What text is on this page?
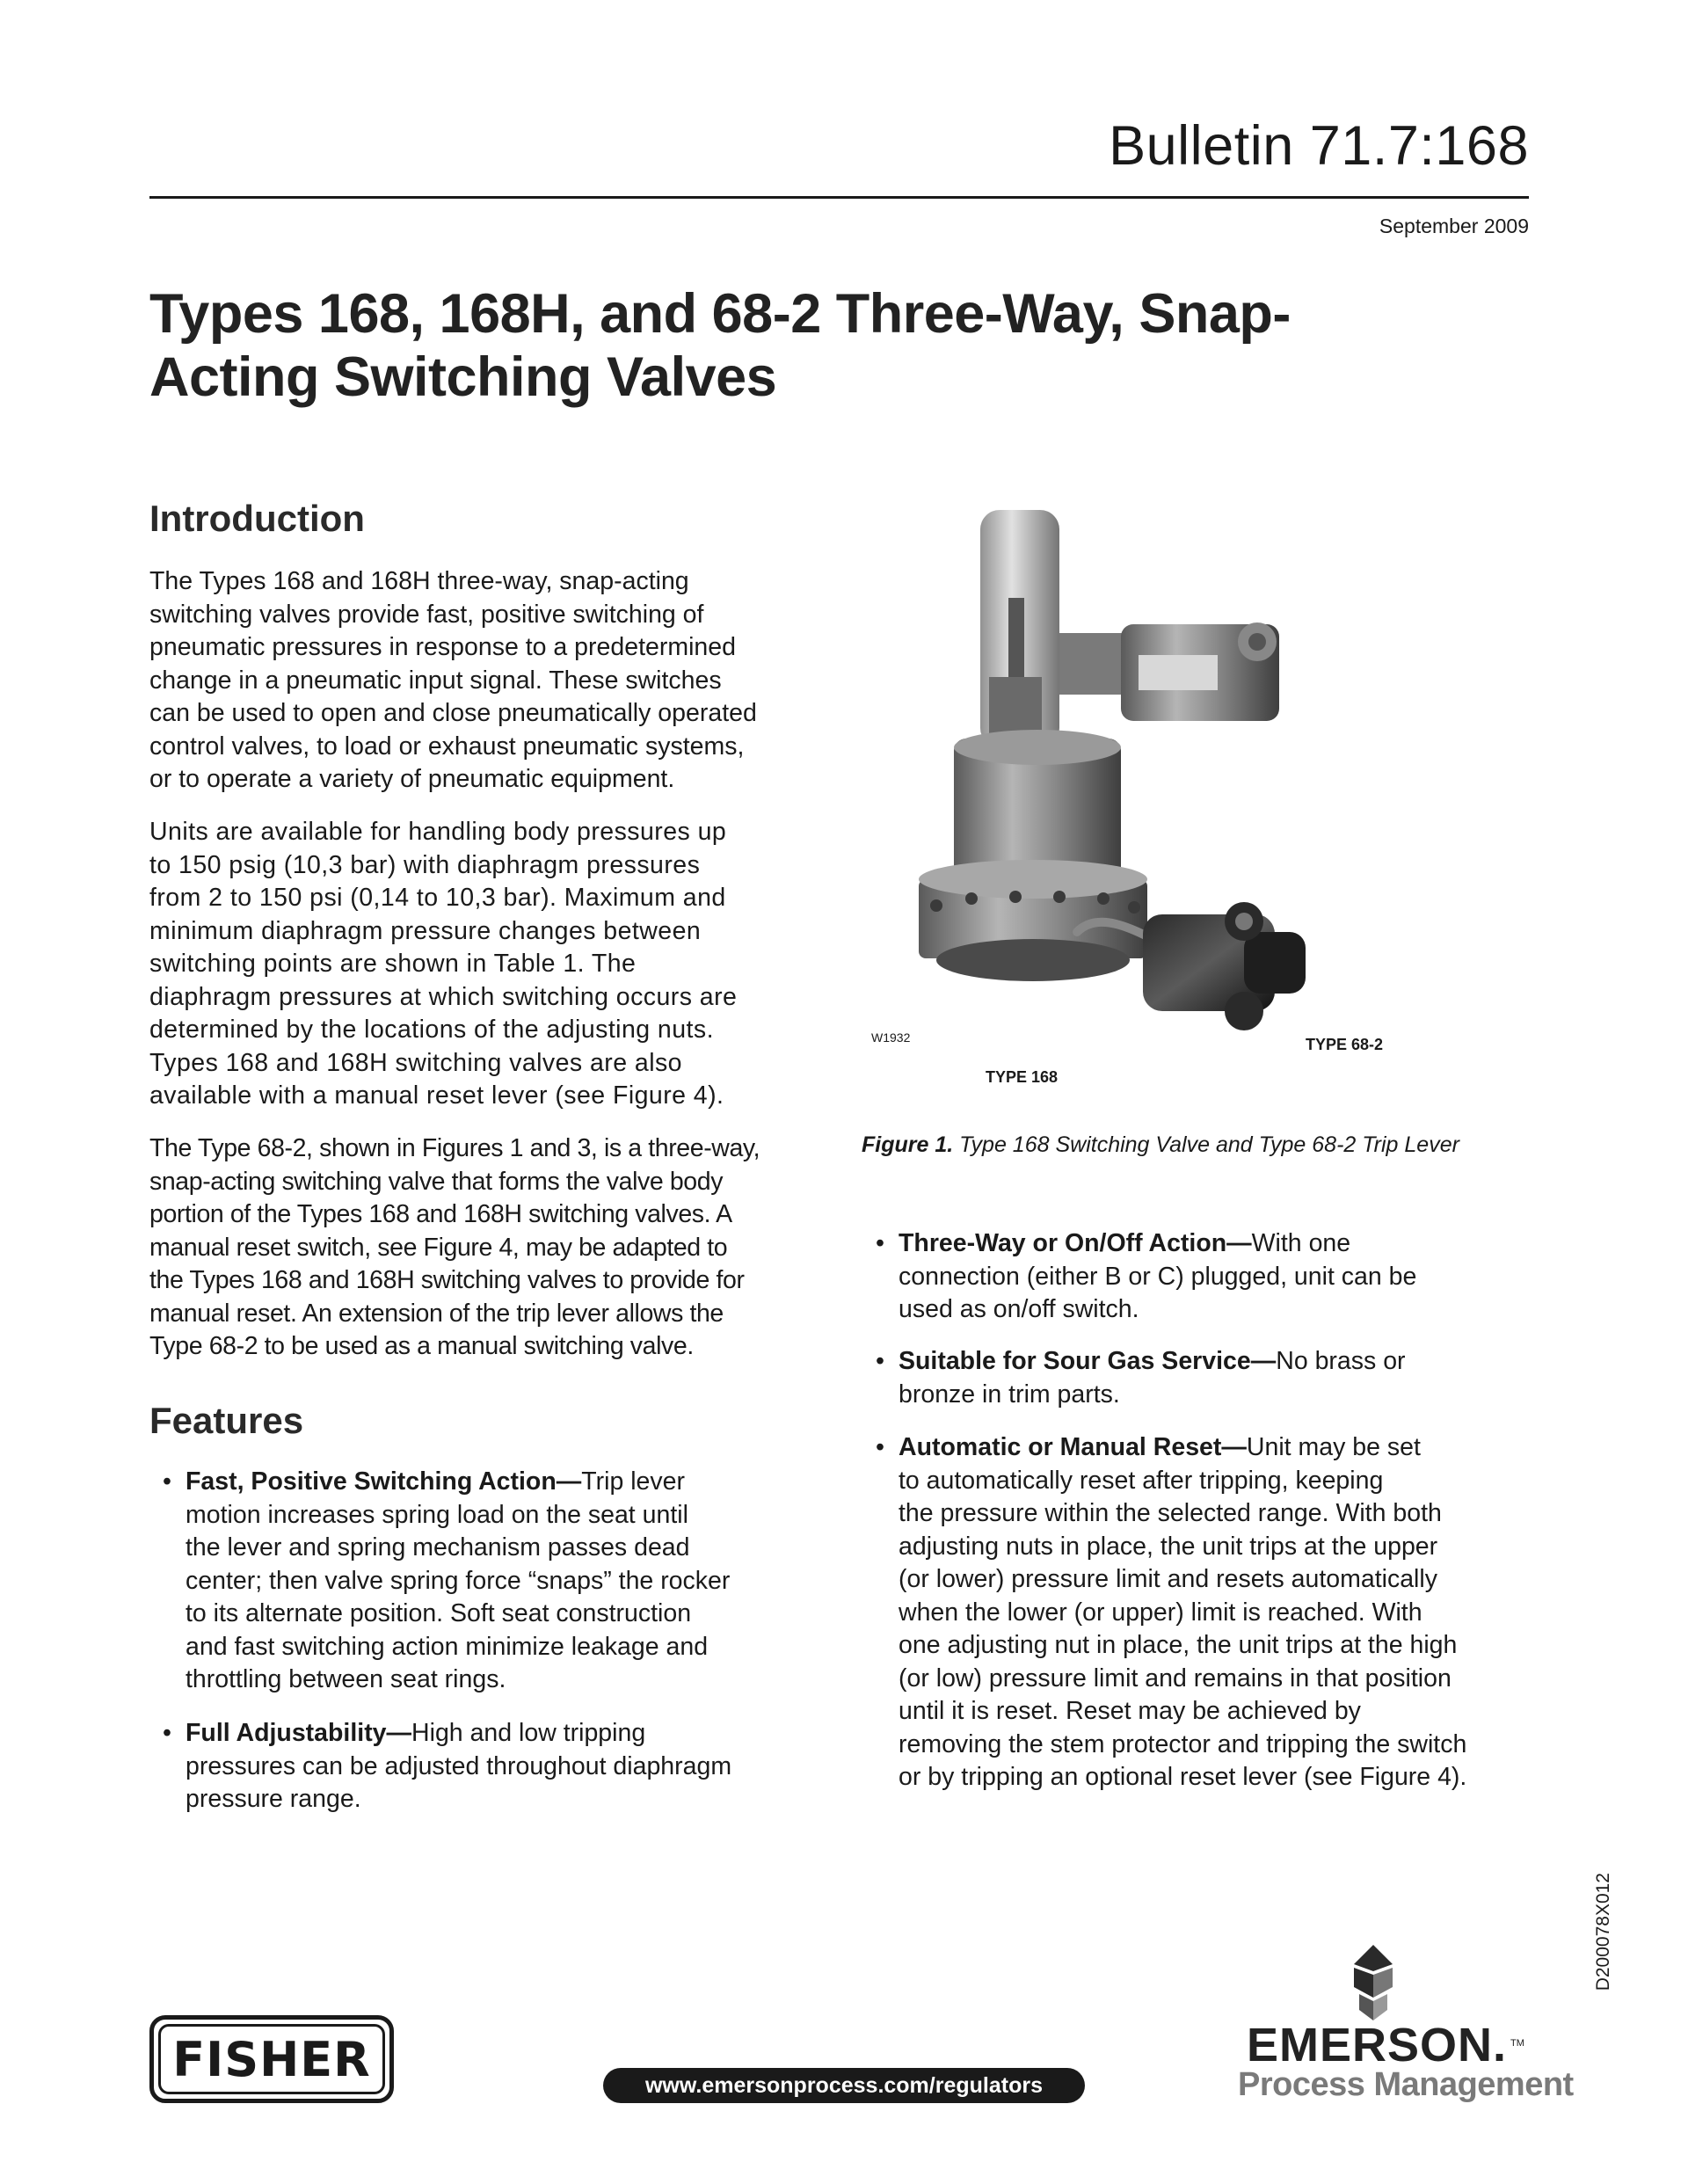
Bulletin 71.7:168
September 2009
Types 168, 168H, and 68-2 Three-Way, Snap-
Acting Switching Valves
Introduction
The Types 168 and 168H three-way, snap-acting
switching valves provide fast, positive switching of
pneumatic pressures in response to a predetermined
change in a pneumatic input signal. These switches
can be used to open and close pneumatically operated
control valves, to load or exhaust pneumatic systems,
or to operate a variety of pneumatic equipment.
Units are available for handling body pressures up
to 150 psig (10,3 bar) with diaphragm pressures
from 2 to 150 psi (0,14 to 10,3 bar). Maximum and
minimum diaphragm pressure changes between
switching points are shown in Table 1. The
diaphragm pressures at which switching occurs are
determined by the locations of the adjusting nuts.
Types 168 and 168H switching valves are also
available with a manual reset lever (see Figure 4).
The Type 68-2, shown in Figures 1 and 3, is a three-way,
snap-acting switching valve that forms the valve body
portion of the Types 168 and 168H switching valves. A
manual reset switch, see Figure 4, may be adapted to
the Types 168 and 168H switching valves to provide for
manual reset. An extension of the trip lever allows the
Type 68-2 to be used as a manual switching valve.
Features
• Fast, Positive Switching Action—Trip lever
motion increases spring load on the seat until
the lever and spring mechanism passes dead
center; then valve spring force “snaps” the rocker
to its alternate position. Soft seat construction
and fast switching action minimize leakage and
throttling between seat rings.
• Full Adjustability—High and low tripping
pressures can be adjusted throughout diaphragm
pressure range.
• Three-Way or On/Off Action—With one
connection (either B or C) plugged, unit can be
used as on/off switch.
• Suitable for Sour Gas Service—No brass or
bronze in trim parts.
• Automatic or Manual Reset—Unit may be set
to automatically reset after tripping, keeping
the pressure within the selected range. With both
adjusting nuts in place, the unit trips at the upper
(or lower) pressure limit and resets automatically
when the lower (or upper) limit is reached. With
one adjusting nut in place, the unit trips at the high
(or low) pressure limit and remains in that position
until it is reset. Reset may be achieved by
removing the stem protector and tripping the switch
or by tripping an optional reset lever (see Figure 4).
W1932
TYPE 168
TYPE 68-2
Figure 1. Type 168 Switching Valve and Type 68-2 Trip Lever
D200078X012
FISHER	www.emersonprocess.com/regulators
EMERSON. TM
Process Management
